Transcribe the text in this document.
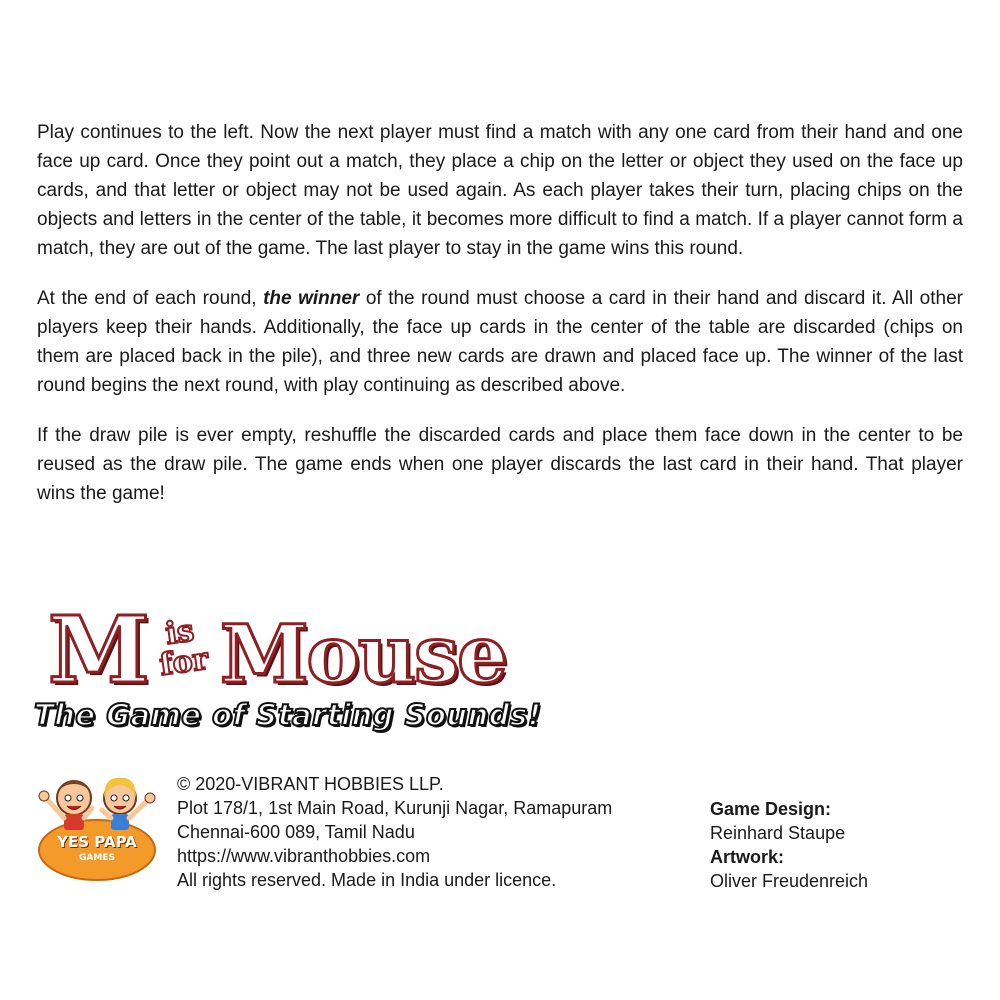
Play continues to the left. Now the next player must find a match with any one card from their hand and one face up card. Once they point out a match, they place a chip on the letter or object they used on the face up cards, and that letter or object may not be used again. As each player takes their turn, placing chips on the objects and letters in the center of the table, it becomes more difficult to find a match. If a player cannot form a match, they are out of the game. The last player to stay in the game wins this round.

At the end of each round, the winner of the round must choose a card in their hand and discard it. All other players keep their hands. Additionally, the face up cards in the center of the table are discarded (chips on them are placed back in the pile), and three new cards are drawn and placed face up. The winner of the last round begins the next round, with play continuing as described above.

If the draw pile is ever empty, reshuffle the discarded cards and place them face down in the center to be reused as the draw pile. The game ends when one player discards the last card in their hand. That player wins the game!

M is for Mouse
The Game of Starting Sounds!
YES PAPA
GAMES
© 2020-VIBRANT HOBBIES LLP.
Plot 178/1, 1st Main Road, Kurunji Nagar, Ramapuram
Chennai-600 089, Tamil Nadu
https://www.vibranthobbies.com
All rights reserved. Made in India under licence.
Game Design:
Reinhard Staupe
Artwork:
Oliver Freudenreich
